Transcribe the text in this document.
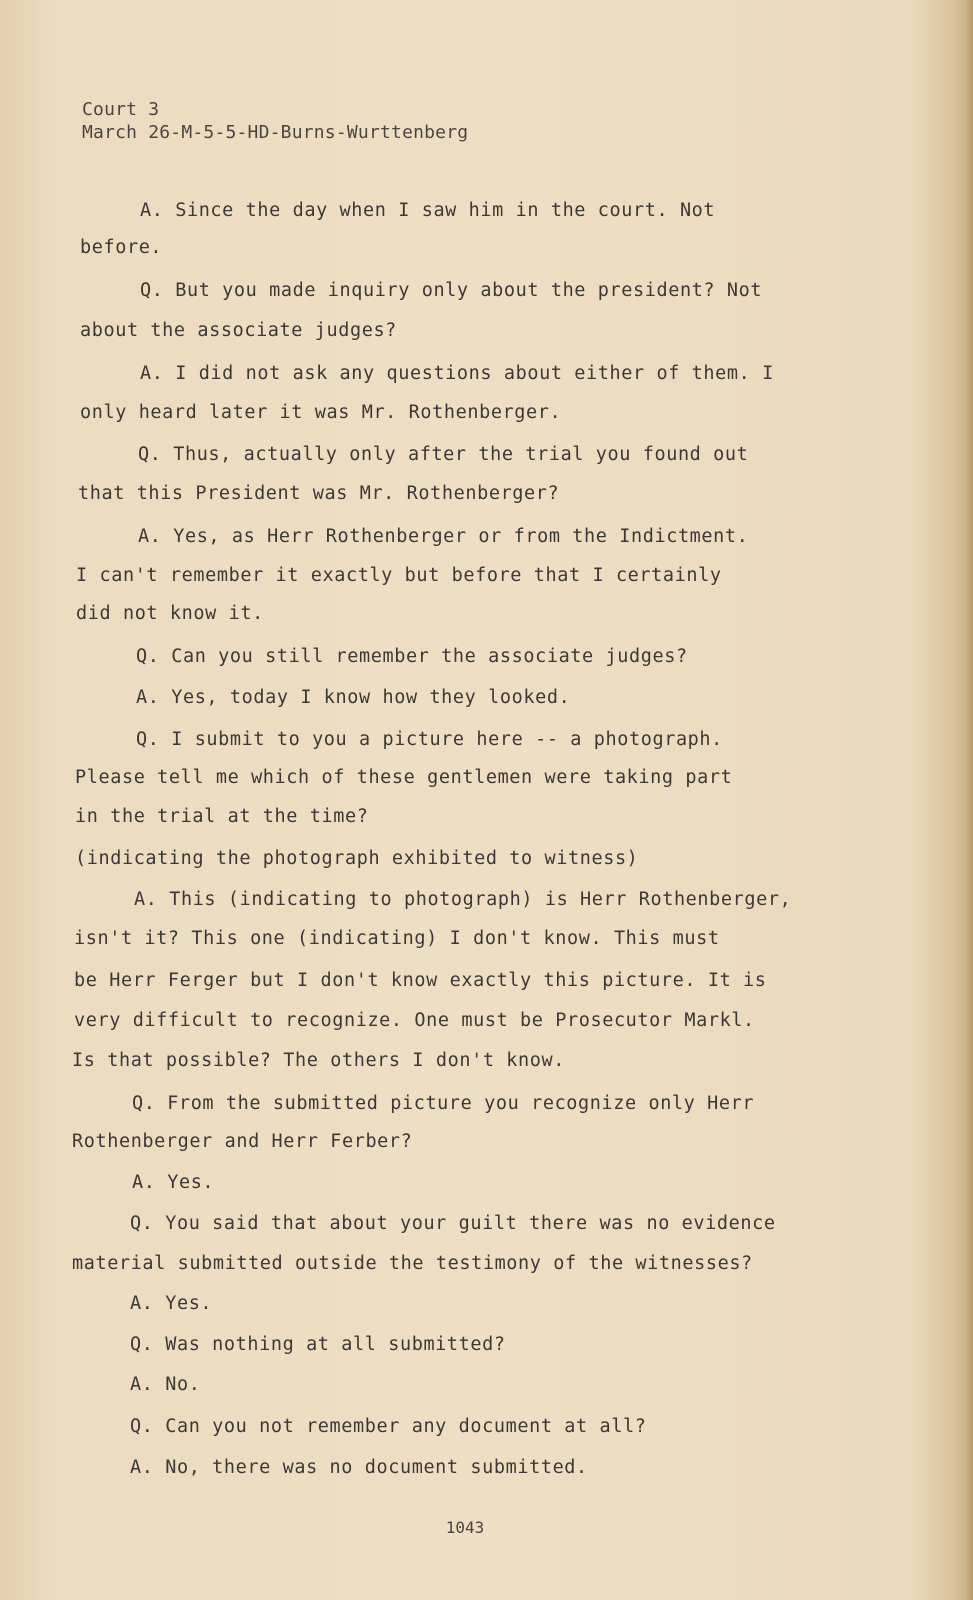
Court 3
March 26-M-5-5-HD-Burns-Wurttenberg
A. Since the day when I saw him in the court. Not
before.
Q. But you made inquiry only about the president? Not
about the associate judges?
A. I did not ask any questions about either of them. I
only heard later it was Mr. Rothenberger.
Q. Thus, actually only after the trial you found out
that this President was Mr. Rothenberger?
A. Yes, as Herr Rothenberger or from the Indictment.
I can't remember it exactly but before that I certainly
did not know it.
Q. Can you still remember the associate judges?
A. Yes, today I know how they looked.
Q. I submit to you a picture here -- a photograph.
Please tell me which of these gentlemen were taking part
in the trial at the time?
(indicating the photograph exhibited to witness)
A. This (indicating to photograph) is Herr Rothenberger,
isn't it? This one (indicating) I don't know. This must
be Herr Ferger but I don't know exactly this picture. It is
very difficult to recognize. One must be Prosecutor Markl.
Is that possible? The others I don't know.
Q. From the submitted picture you recognize only Herr
Rothenberger and Herr Ferber?
A. Yes.
Q. You said that about your guilt there was no evidence
material submitted outside the testimony of the witnesses?
A. Yes.
Q. Was nothing at all submitted?
A. No.
Q. Can you not remember any document at all?
A. No, there was no document submitted.
1043
